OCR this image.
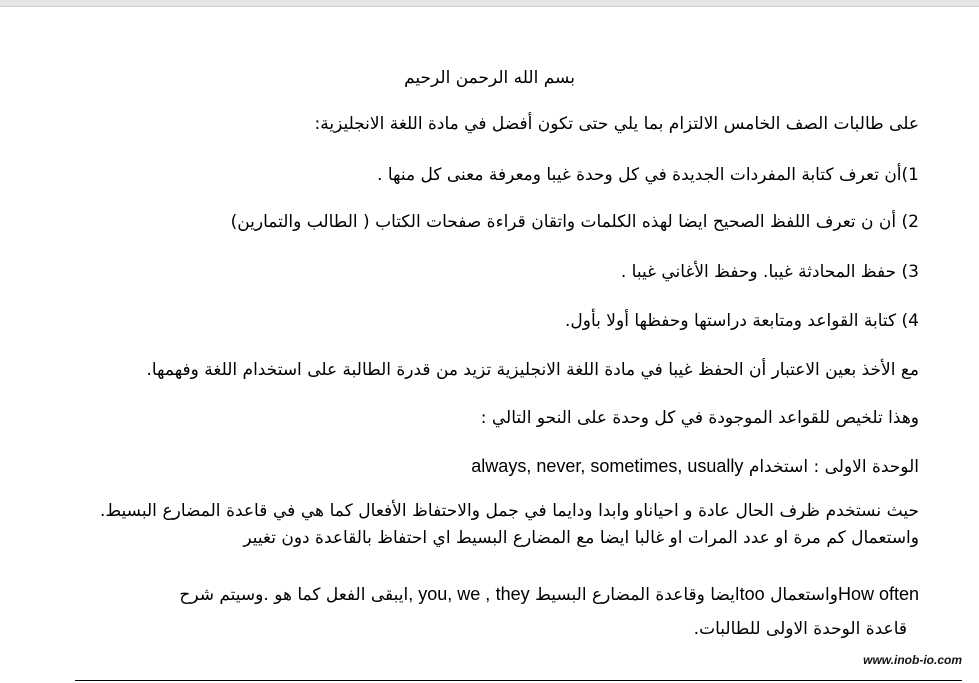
بسم الله الرحمن الرحيم
على طالبات الصف الخامس الالتزام بما يلي حتى تكون أفضل في مادة اللغة الانجليزية:
1)أن تعرف كتابة المفردات الجديدة في كل وحدة غيبا ومعرفة معنى كل منها .
2) أن ن تعرف اللفظ الصحيح ايضا لهذه الكلمات واتقان قراءة صفحات الكتاب ( الطالب والتمارين)
3) حفظ المحادثة غيبا. وحفظ الأغاني غيبا .
4) كتابة القواعد ومتابعة دراستها وحفظها أولا بأول.
مع الأخذ بعين الاعتبار أن الحفظ غيبا في مادة اللغة الانجليزية تزيد من قدرة الطالبة على استخدام اللغة وفهمها.
وهذا تلخيص للقواعد الموجودة في كل وحدة على النحو التالي :
الوحدة الاولى : استخدام always, never, sometimes, usually
حيث نستخدم ظرف الحال عادة و احياناو وابدا ودايما في جمل والاحتفاظ الأفعال كما هي في قاعدة المضارع البسيط. واستعمال كم مرة او عدد المرات او غالبا ايضا مع المضارع البسيط اي احتفاظ بالقاعدة دون تغيير
How oftenواستعمال tooايضا وقاعدة المضارع البسيط they , you, we ,ايبقى الفعل كما هو .وسيتم شرح
قاعدة الوحدة الاولى للطالبات.
www.inob-io.com
